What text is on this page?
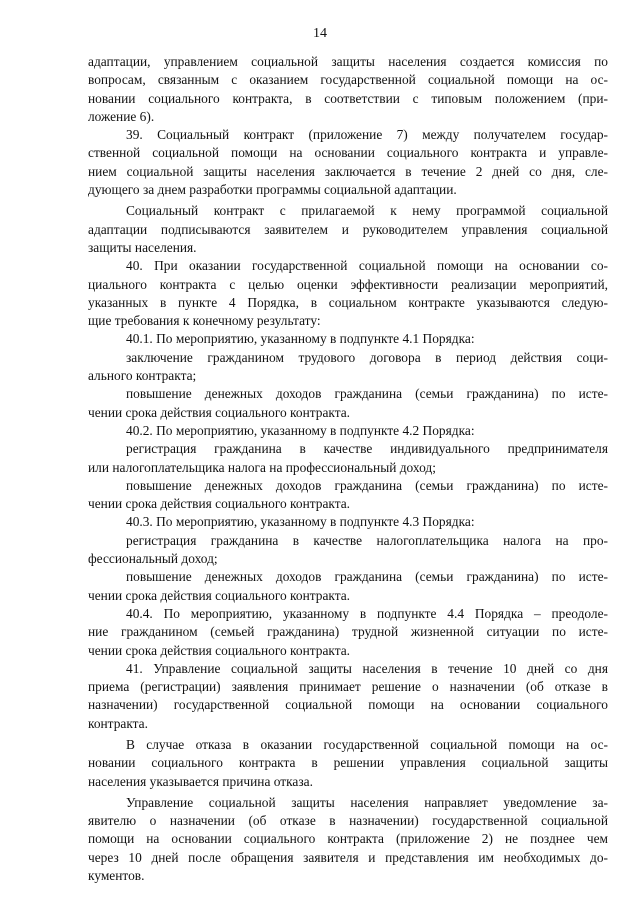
14
адаптации, управлением социальной защиты населения создается комиссия по
вопросам, связанным с оказанием государственной социальной помощи на ос-
новании социального контракта, в соответствии с типовым положением (при-
ложение 6).
39. Социальный контракт (приложение 7) между получателем государ-
ственной социальной помощи на основании социального контракта и управле-
нием социальной защиты населения заключается в течение 2 дней со дня, сле-
дующего за днем разработки программы социальной адаптации.
Социальный контракт с прилагаемой к нему программой социальной
адаптации подписываются заявителем и руководителем управления социальной
защиты населения.
40. При оказании государственной социальной помощи на основании со-
циального контракта с целью оценки эффективности реализации мероприятий,
указанных в пункте 4 Порядка, в социальном контракте указываются следую-
щие требования к конечному результату:
40.1. По мероприятию, указанному в подпункте 4.1 Порядка:
заключение гражданином трудового договора в период действия соци-
ального контракта;
повышение денежных доходов гражданина (семьи гражданина) по исте-
чении срока действия социального контракта.
40.2. По мероприятию, указанному в подпункте 4.2 Порядка:
регистрация гражданина в качестве индивидуального предпринимателя
или налогоплательщика налога на профессиональный доход;
повышение денежных доходов гражданина (семьи гражданина) по исте-
чении срока действия социального контракта.
40.3. По мероприятию, указанному в подпункте 4.3 Порядка:
регистрация гражданина в качестве налогоплательщика налога на про-
фессиональный доход;
повышение денежных доходов гражданина (семьи гражданина) по исте-
чении срока действия социального контракта.
40.4. По мероприятию, указанному в подпункте 4.4 Порядка – преодоле-
ние гражданином (семьей гражданина) трудной жизненной ситуации по исте-
чении срока действия социального контракта.
41. Управление социальной защиты населения в течение 10 дней со дня
приема (регистрации) заявления принимает решение о назначении (об отказе в
назначении) государственной социальной помощи на основании социального
контракта.
В случае отказа в оказании государственной социальной помощи на ос-
новании социального контракта в решении управления социальной защиты
населения указывается причина отказа.
Управление социальной защиты населения направляет уведомление за-
явителю о назначении (об отказе в назначении) государственной социальной
помощи на основании социального контракта (приложение 2) не позднее чем
через 10 дней после обращения заявителя и представления им необходимых до-
кументов.
